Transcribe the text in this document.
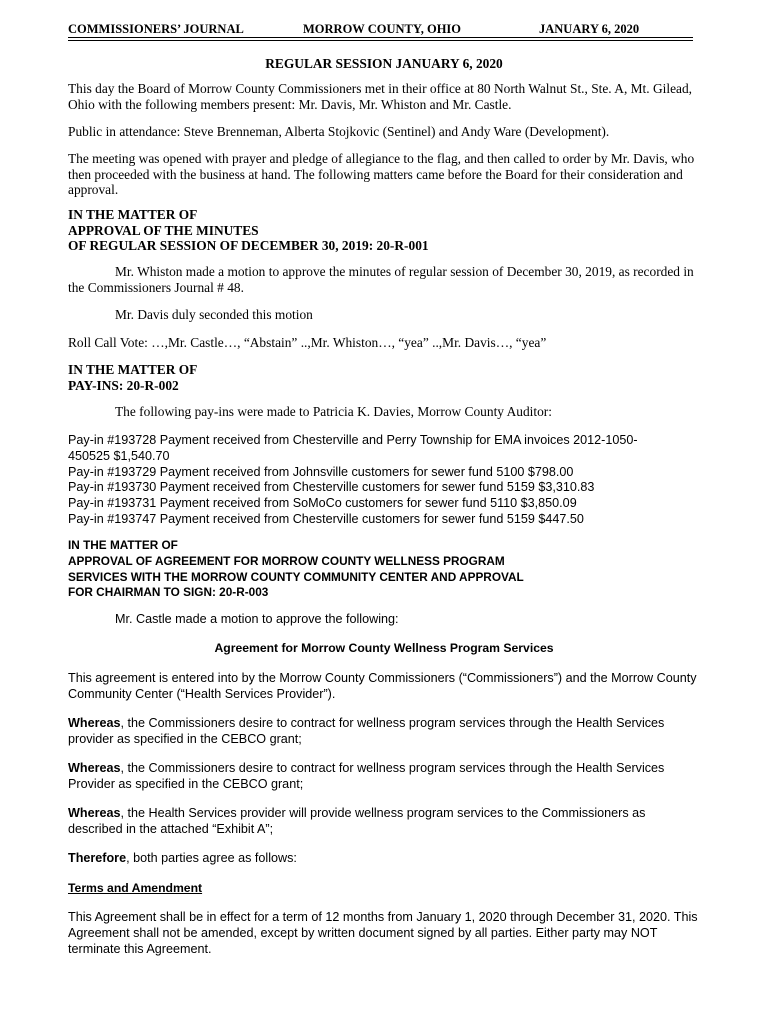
COMMISSIONERS’ JOURNAL	MORROW COUNTY, OHIO	JANUARY 6, 2020

REGULAR SESSION JANUARY 6, 2020

This day the Board of Morrow County Commissioners met in their office at 80 North Walnut St., Ste. A, Mt. Gilead, Ohio with the following members present: Mr. Davis, Mr. Whiston and Mr. Castle.

Public in attendance: Steve Brenneman, Alberta Stojkovic (Sentinel) and Andy Ware (Development).

The meeting was opened with prayer and pledge of allegiance to the flag, and then called to order by Mr. Davis, who then proceeded with the business at hand. The following matters came before the Board for their consideration and approval.

IN THE MATTER OF
APPROVAL OF THE MINUTES
OF REGULAR SESSION OF DECEMBER 30, 2019: 20-R-001

Mr. Whiston made a motion to approve the minutes of regular session of December 30, 2019, as recorded in the Commissioners Journal # 48.

Mr. Davis duly seconded this motion

Roll Call Vote: …,Mr. Castle…, “Abstain” ..,Mr. Whiston…, “yea” ..,Mr. Davis…, “yea”

IN THE MATTER OF
PAY-INS: 20-R-002

The following pay-ins were made to Patricia K. Davies, Morrow County Auditor:

Pay-in #193728 Payment received from Chesterville and Perry Township for EMA invoices 2012-1050-
450525 $1,540.70
Pay-in #193729 Payment received from Johnsville customers for sewer fund 5100 $798.00
Pay-in #193730 Payment received from Chesterville customers for sewer fund 5159 $3,310.83
Pay-in #193731 Payment received from SoMoCo customers for sewer fund 5110 $3,850.09
Pay-in #193747 Payment received from Chesterville customers for sewer fund 5159 $447.50
IN THE MATTER OF
APPROVAL OF AGREEMENT FOR MORROW COUNTY WELLNESS PROGRAM
SERVICES WITH THE MORROW COUNTY COMMUNITY CENTER AND APPROVAL
FOR CHAIRMAN TO SIGN: 20-R-003

Mr. Castle made a motion to approve the following:

Agreement for Morrow County Wellness Program Services

This agreement is entered into by the Morrow County Commissioners (“Commissioners”) and the Morrow County Community Center (“Health Services Provider”).

Whereas, the Commissioners desire to contract for wellness program services through the Health Services provider as specified in the CEBCO grant;

Whereas, the Commissioners desire to contract for wellness program services through the Health Services Provider as specified in the CEBCO grant;

Whereas, the Health Services provider will provide wellness program services to the Commissioners as described in the attached “Exhibit A”;

Therefore, both parties agree as follows:

Terms and Amendment

This Agreement shall be in effect for a term of 12 months from January 1, 2020 through December 31, 2020. This Agreement shall not be amended, except by written document signed by all parties. Either party may NOT terminate this Agreement.
